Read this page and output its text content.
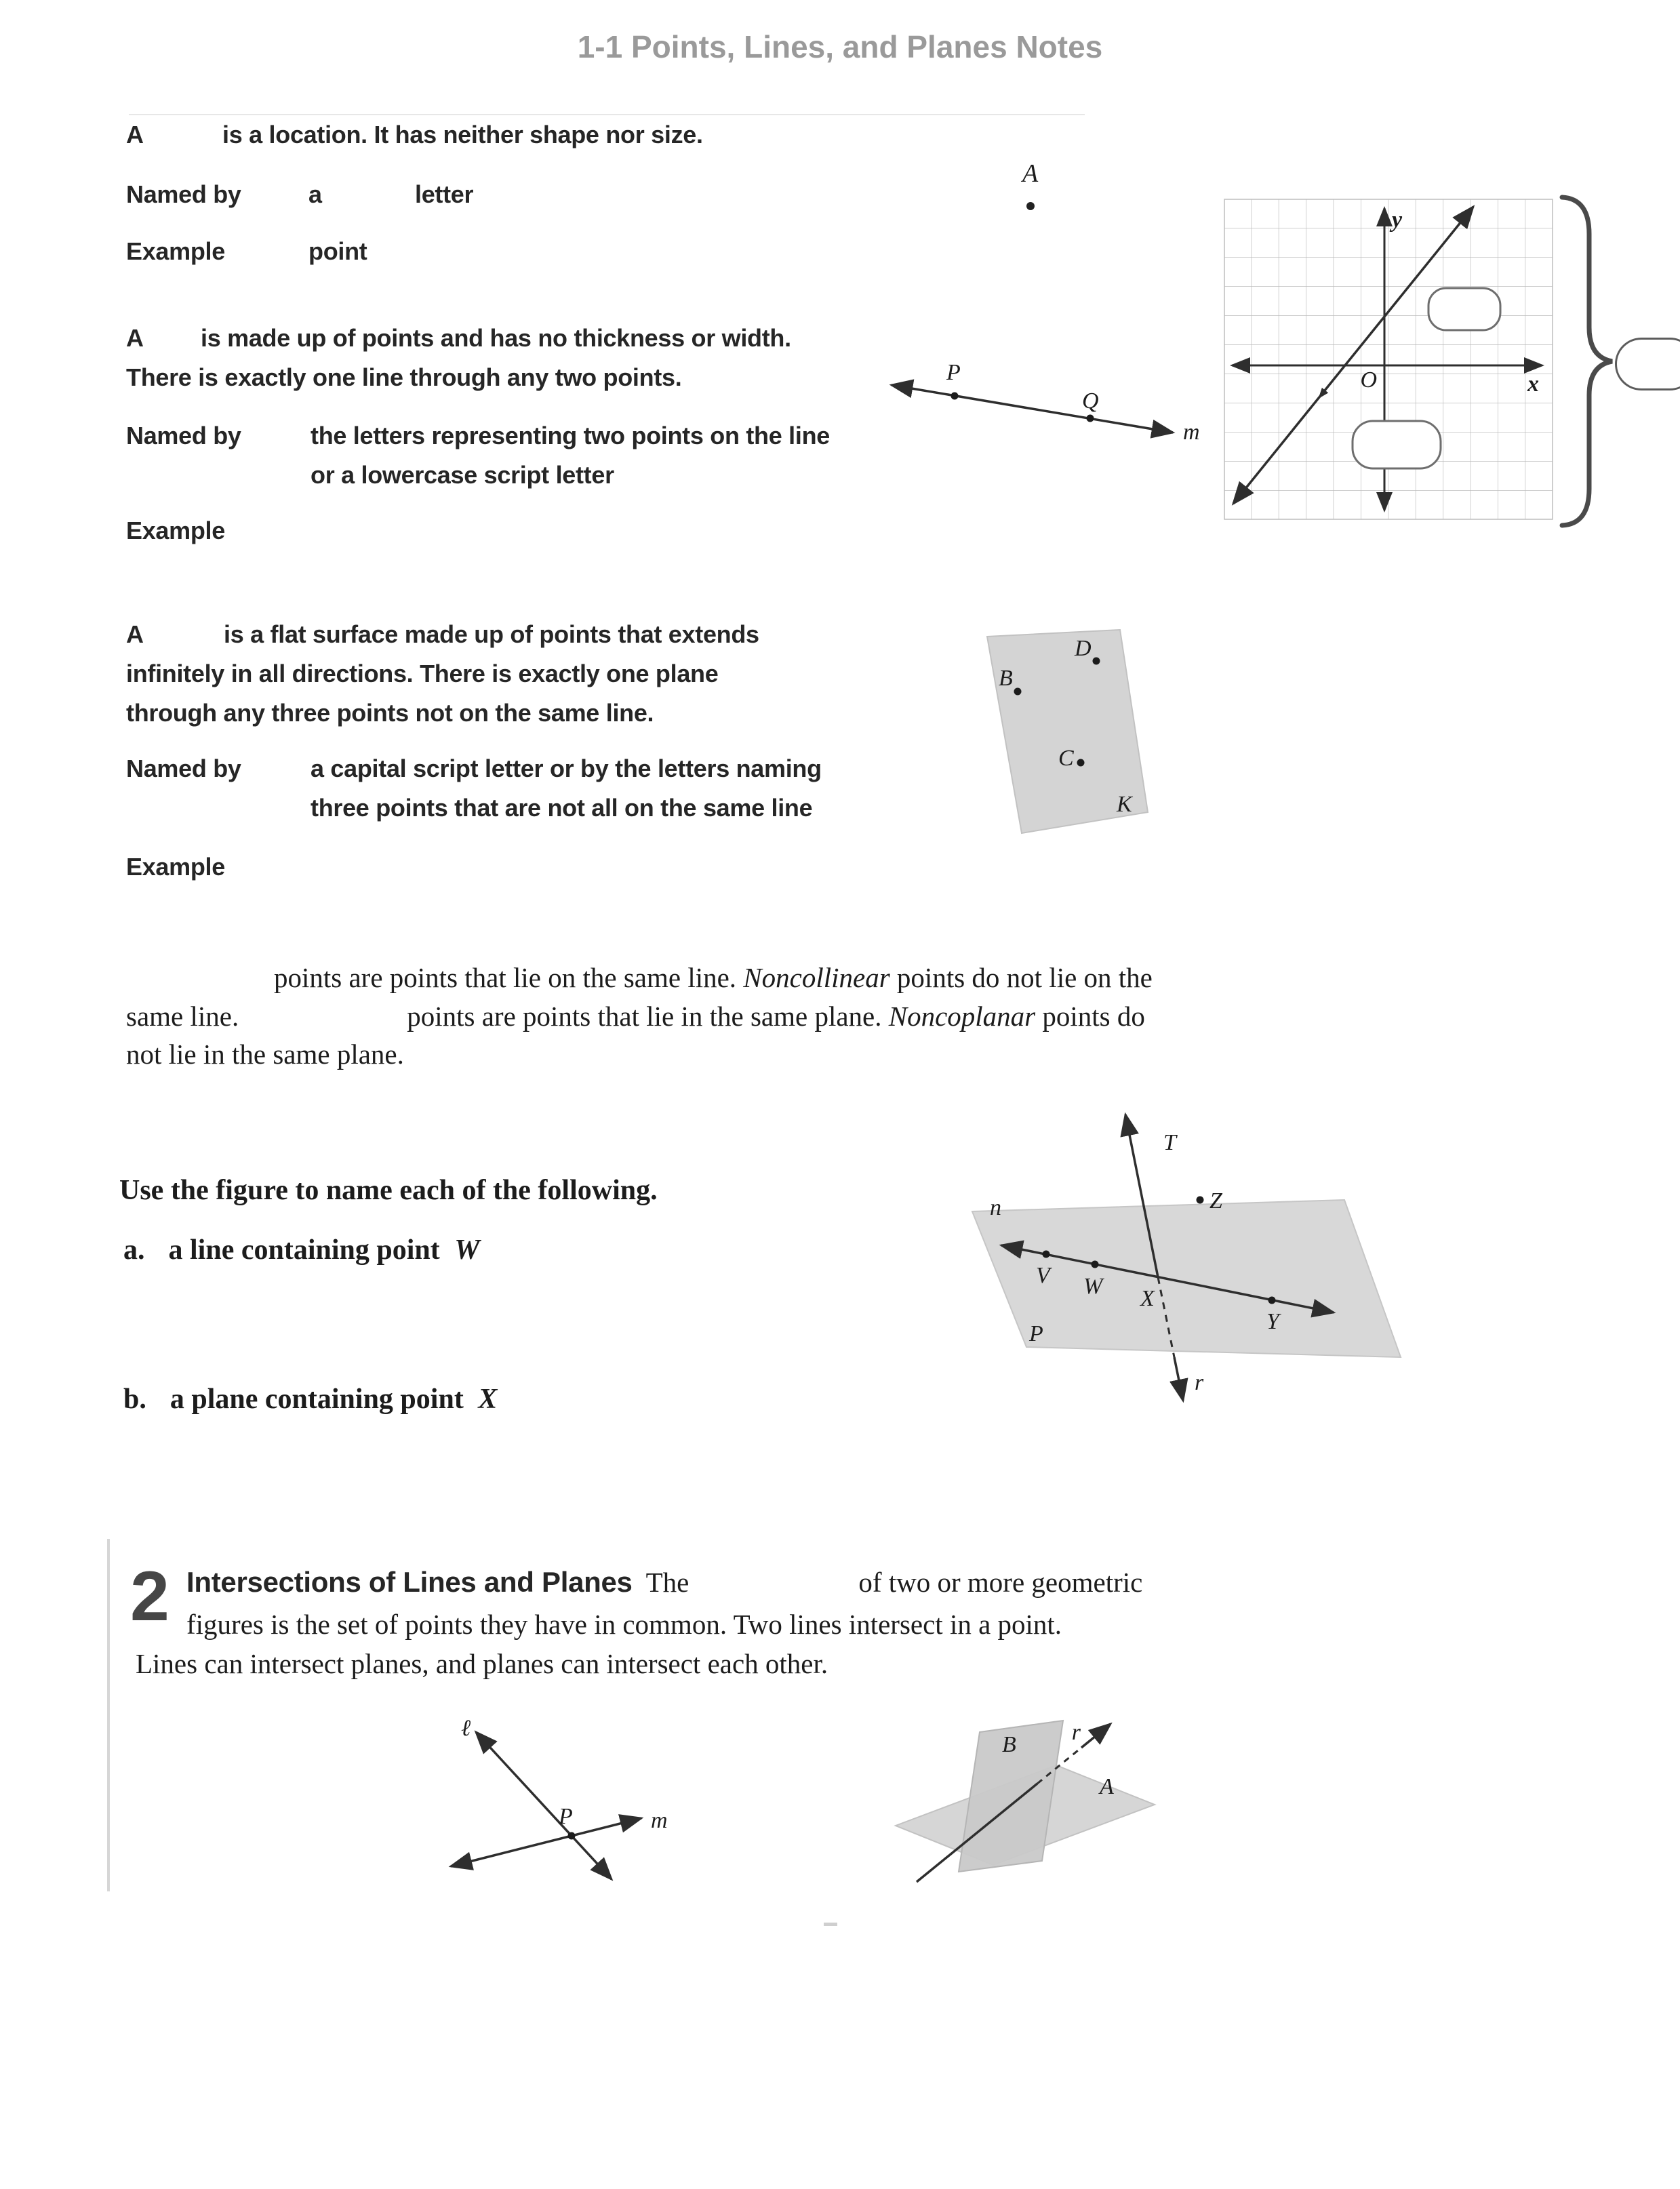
1-1 Points, Lines, and Planes Notes
A	is a location. It has neither shape nor size.
Named by	a	letter
Example	point
A
A is made up of points and has no thickness or width.
There is exactly one line through any two points.
Named by	the letters representing two points on the line
or a lowercase script letter
Example
P
Q
m
y
O	x
A	is a flat surface made up of points that extends
infinitely in all directions. There is exactly one plane
through any three points not on the same line.
Named by	a capital script letter or by the letters naming
three points that are not all on the same line
Example
B
D
C
K
points are points that lie on the same line. Noncollinear points do not lie on the
same line.	points are points that lie in the same plane. Noncoplanar points do
not lie in the same plane.
Use the figure to name each of the following.
a. a line containing point W
b. a plane containing point X
n
T
Z
V W X
Y
P
r
2 Intersections of Lines and Planes The	of two or more geometric
figures is the set of points they have in common. Two lines intersect in a point.
Lines can intersect planes, and planes can intersect each other.
ℓ
P	m
B r
A
